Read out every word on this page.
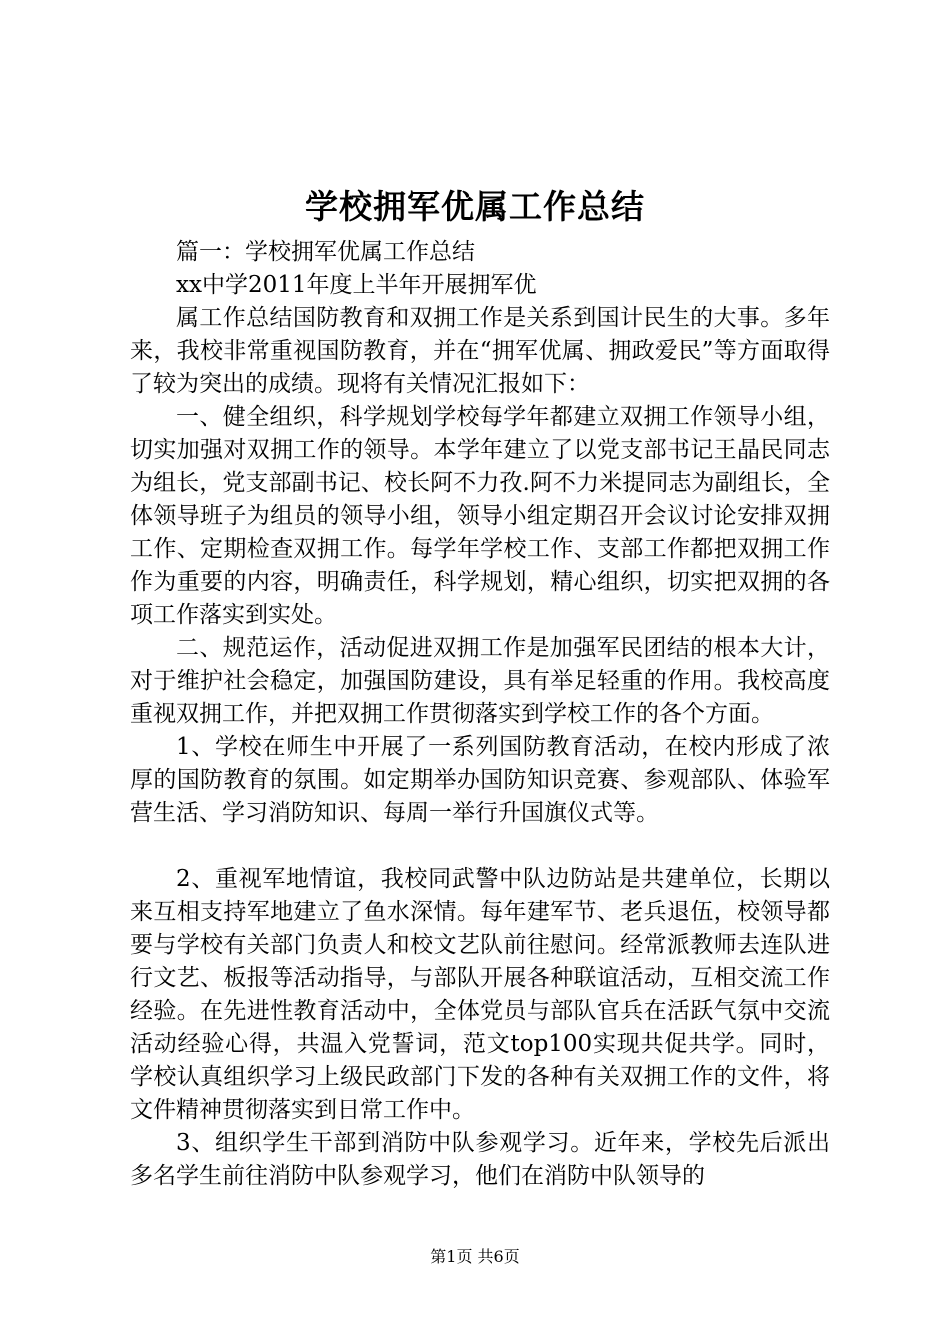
学校拥军优属工作总结

篇一：学校拥军优属工作总结

xx中学2011年度上半年开展拥军优

属工作总结国防教育和双拥工作是关系到国计民生的大事。多年来，我校非常重视国防教育，并在“拥军优属、拥政爱民”等方面取得了较为突出的成绩。现将有关情况汇报如下：

一、健全组织，科学规划学校每学年都建立双拥工作领导小组，切实加强对双拥工作的领导。本学年建立了以党支部书记王晶民同志为组长，党支部副书记、校长阿不力孜.阿不力米提同志为副组长，全体领导班子为组员的领导小组，领导小组定期召开会议讨论安排双拥工作、定期检查双拥工作。每学年学校工作、支部工作都把双拥工作作为重要的内容，明确责任，科学规划，精心组织，切实把双拥的各项工作落实到实处。

二、规范运作，活动促进双拥工作是加强军民团结的根本大计，对于维护社会稳定，加强国防建设，具有举足轻重的作用。我校高度重视双拥工作，并把双拥工作贯彻落实到学校工作的各个方面。

1、学校在师生中开展了一系列国防教育活动，在校内形成了浓厚的国防教育的氛围。如定期举办国防知识竞赛、参观部队、体验军营生活、学习消防知识、每周一举行升国旗仪式等。

2、重视军地情谊，我校同武警中队边防站是共建单位，长期以来互相支持军地建立了鱼水深情。每年建军节、老兵退伍，校领导都要与学校有关部门负责人和校文艺队前往慰问。经常派教师去连队进行文艺、板报等活动指导，与部队开展各种联谊活动，互相交流工作经验。在先进性教育活动中，全体党员与部队官兵在活跃气氛中交流活动经验心得，共温入党誓词，范文top100实现共促共学。同时，学校认真组织学习上级民政部门下发的各种有关双拥工作的文件，将文件精神贯彻落实到日常工作中。

3、组织学生干部到消防中队参观学习。近年来，学校先后派出多名学生前往消防中队参观学习，他们在消防中队领导的

第1页 共6页
